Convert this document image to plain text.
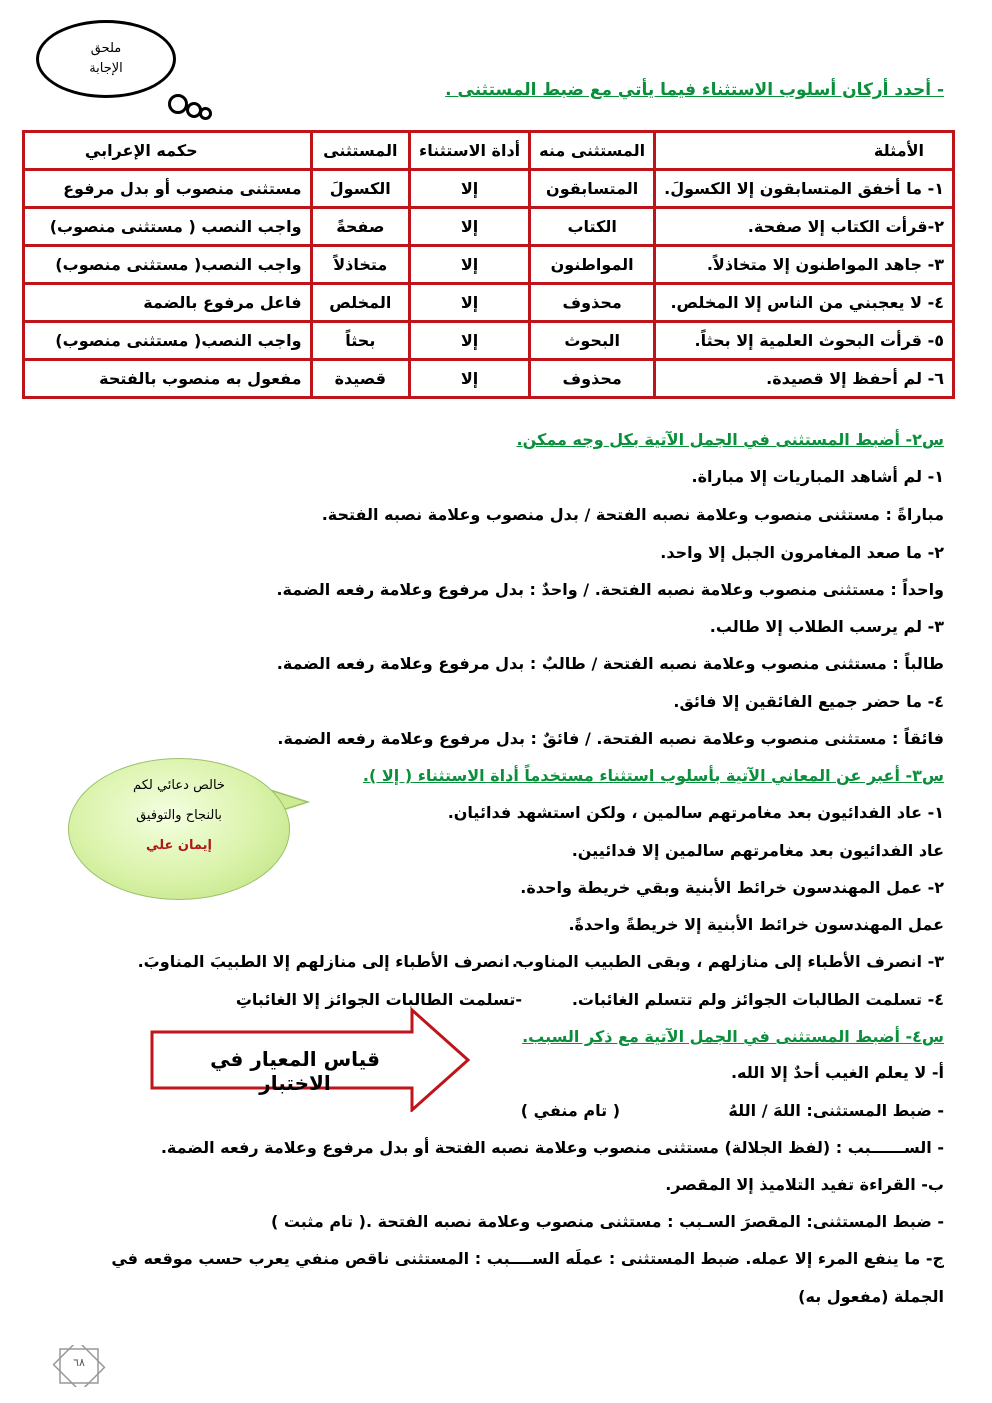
ملحق
الإجابة
- أحدد أركان أسلوب الاستثناء فيما يأتي مع ضبط المستثنى .
الأمثلة	المستثنى منه	أداة الاستثناء	المستثنى	حكمه الإعرابي
١- ما أخفق المتسابقون إلا الكسولَ.	المتسابقون	إلا	الكسولَ	مستثنى منصوب أو بدل مرفوع
٢-قرأت الكتاب إلا صفحة.	الكتاب	إلا	صفحةً	واجب النصب ( مستثنى منصوب)
٣- جاهد المواطنون إلا متخاذلاً.	المواطنون	إلا	متخاذلاً	واجب النصب( مستثنى منصوب)
٤- لا يعجبني من الناس إلا المخلص.	محذوف	إلا	المخلص	فاعل مرفوع بالضمة
٥- قرأت البحوث العلمية إلا بحثاً.	البحوث	إلا	بحثاً	واجب النصب( مستثنى منصوب)
٦- لم أحفظ إلا قصيدة.	محذوف	إلا	قصيدة	مفعول به منصوب بالفتحة
س٢- أضبط المستثنى في الجمل الآتية بكل وجه ممكن.
١- لم أشاهد المباريات إلا مباراة.
مباراةً : مستثنى منصوب وعلامة نصبه الفتحة / بدل منصوب وعلامة نصبه الفتحة.
٢- ما صعد المغامرون الجبل إلا واحد.
واحداً : مستثنى منصوب وعلامة نصبه الفتحة. / واحدٌ : بدل مرفوع وعلامة رفعه الضمة.
٣- لم يرسب الطلاب إلا طالب.
طالباً : مستثنى منصوب وعلامة نصبه الفتحة / طالبٌ : بدل مرفوع وعلامة رفعه الضمة.
٤- ما حضر جميع الفائقين إلا فائق.
فائقاً : مستثنى منصوب وعلامة نصبه الفتحة. / فائقٌ : بدل مرفوع وعلامة رفعه الضمة.
س٣- أعبر عن المعاني الآتية بأسلوب استثناء مستخدماً أداة الاستثناء ( إلا ).
١- عاد الفدائيون بعد مغامرتهم سالمين ، ولكن استشهد فدائيان.
عاد الفدائيون بعد مغامرتهم سالمين إلا فدائيين.
٢- عمل المهندسون خرائط الأبنية وبقي خريطة واحدة.
عمل المهندسون خرائط الأبنية إلا خريطةً واحدةً.
٣- انصرف الأطباء إلى منازلهم ، وبقى الطبيب المناوب.
- انصرف الأطباء إلى منازلهم إلا الطبيبَ المناوبَ.
٤- تسلمت الطالبات الجوائز ولم تتسلم الغائبات.
-تسلمت الطالبات الجوائز إلا الغائباتِ
خالص دعائي لكم
بالنجاح والتوفيق
إيمان علي
س٤- أضبط المستثنى في الجمل الآتية مع ذكر السبب.
قياس المعيار في الاختبار	أ- لا يعلم الغيب أحدٌ إلا الله.
- ضبط المستثنى: اللهَ / اللهُ
( تام منفي )
- الســــــبب : (لفظ الجلالة) مستثنى منصوب وعلامة نصبه الفتحة أو بدل مرفوع وعلامة رفعه الضمة.
ب- القراءة تفيد التلاميذ إلا المقصر.
- ضبط المستثنى: المقصرَ السـبب : مستثنى منصوب وعلامة نصبه الفتحة .( تام مثبت )
ج- ما ينفع المرء إلا عمله. ضبط المستثنى : عملَه الســــبب : المستثنى ناقص منفي يعرب حسب موقعه في
الجملة (مفعول به)
٦٨
